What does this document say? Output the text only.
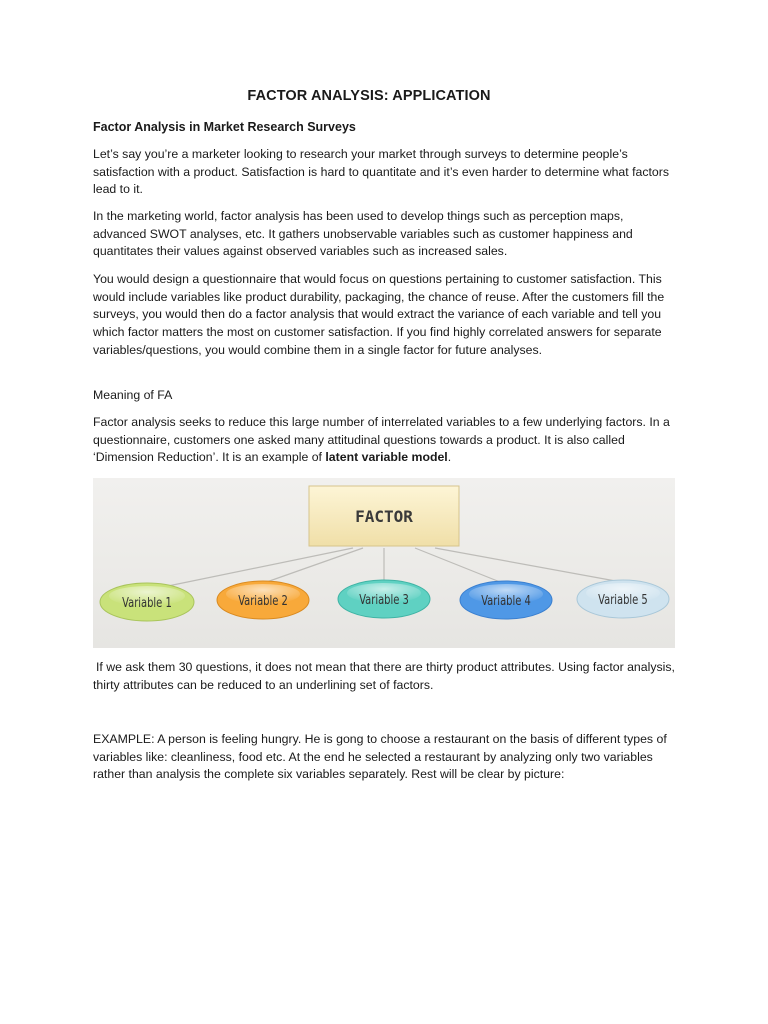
FACTOR ANALYSIS: APPLICATION
Factor Analysis in Market Research Surveys

Let’s say you’re a marketer looking to research your market through surveys to determine people’s satisfaction with a product. Satisfaction is hard to quantitate and it’s even harder to determine what factors lead to it.

In the marketing world, factor analysis has been used to develop things such as perception maps, advanced SWOT analyses, etc. It gathers unobservable variables such as customer happiness and quantitates their values against observed variables such as increased sales.

You would design a questionnaire that would focus on questions pertaining to customer satisfaction. This would include variables like product durability, packaging, the chance of reuse. After the customers fill the surveys, you would then do a factor analysis that would extract the variance of each variable and tell you which factor matters the most on customer satisfaction. If you find highly correlated answers for separate variables/questions, you would combine them in a single factor for future analyses.

Meaning of FA

Factor analysis seeks to reduce this large number of interrelated variables to a few underlying factors. In a questionnaire, customers one asked many attitudinal questions towards a product. It is also called ‘Dimension Reduction’. It is an example of latent variable model.

FACTOR
Variable 1	Variable 2	Variable 3	Variable 4	Variable 5

If we ask them 30 questions, it does not mean that there are thirty product attributes. Using factor analysis, thirty attributes can be reduced to an underlining set of factors.

EXAMPLE: A person is feeling hungry. He is gong to choose a restaurant on the basis of different types of variables like: cleanliness, food etc. At the end he selected a restaurant by analyzing only two variables rather than analysis the complete six variables separately. Rest will be clear by picture:
